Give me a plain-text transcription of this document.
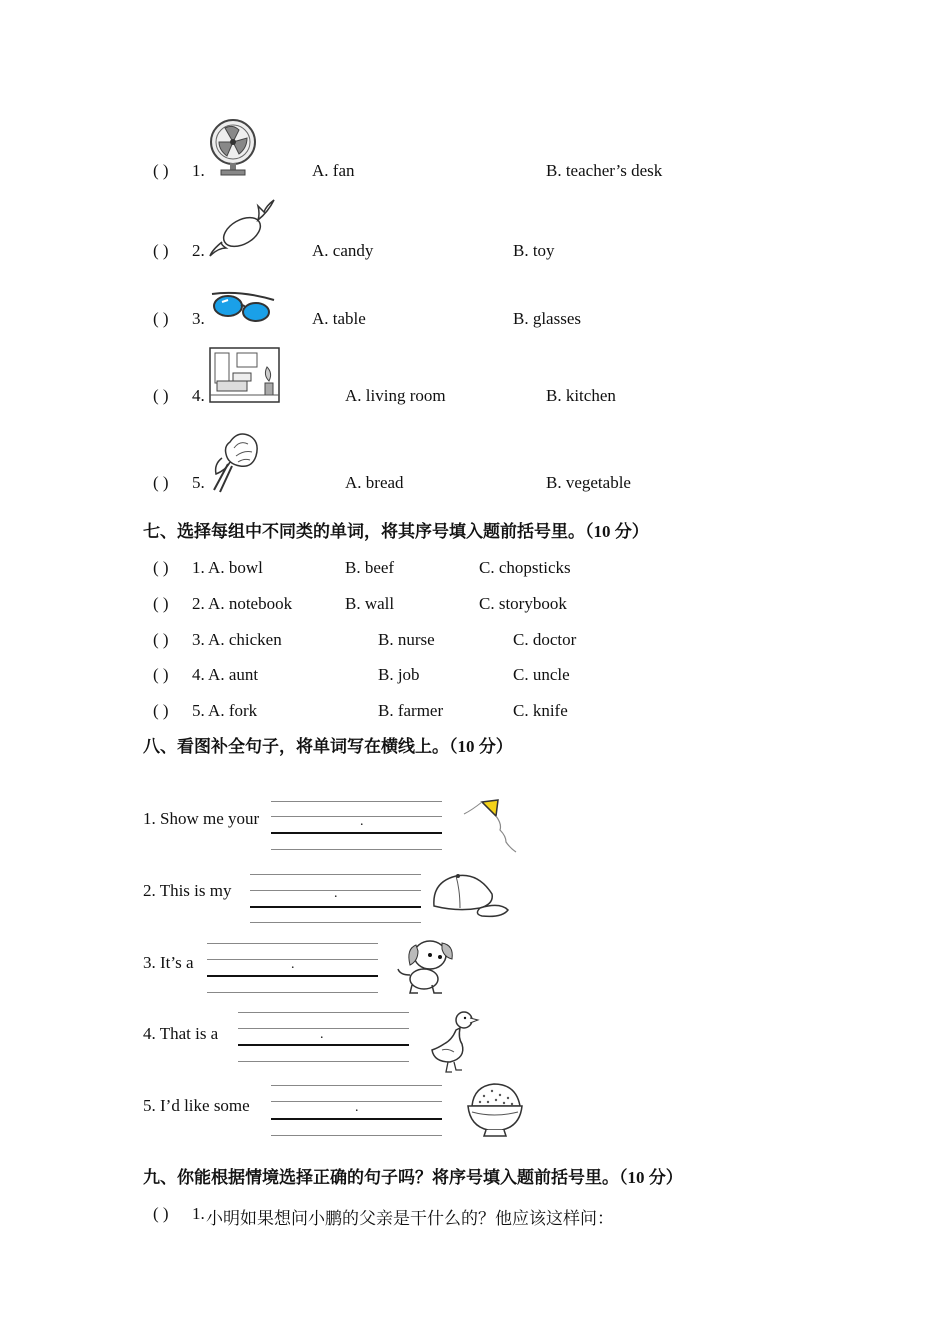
( ) 1.	A. fan	B. teacher’s desk
( ) 2.	A. candy	B. toy
( ) 3.	A. table	B. glasses
( ) 4.	A. living room	B. kitchen
( ) 5.	A. bread	B. vegetable
七、选择每组中不同类的单词，将其序号填入题前括号里。（10 分）
( ) 1. A. bowl	B. beef	C. chopsticks
( ) 2. A. notebook	B. wall	C. storybook
( ) 3. A. chicken	B. nurse	C. doctor
( ) 4. A. aunt	B. job	C. uncle
( ) 5. A. fork	B. farmer	C. knife
八、看图补全句子，将单词写在横线上。（10 分）
1. Show me your	.
2. This is my	.
3. It’s a	.
4. That is a	.
5. I’d like some	.
九、你能根据情境选择正确的句子吗？将序号填入题前括号里。（10 分）
( ) 1. 小明如果想问小鹏的父亲是干什么的？他应该这样问：
